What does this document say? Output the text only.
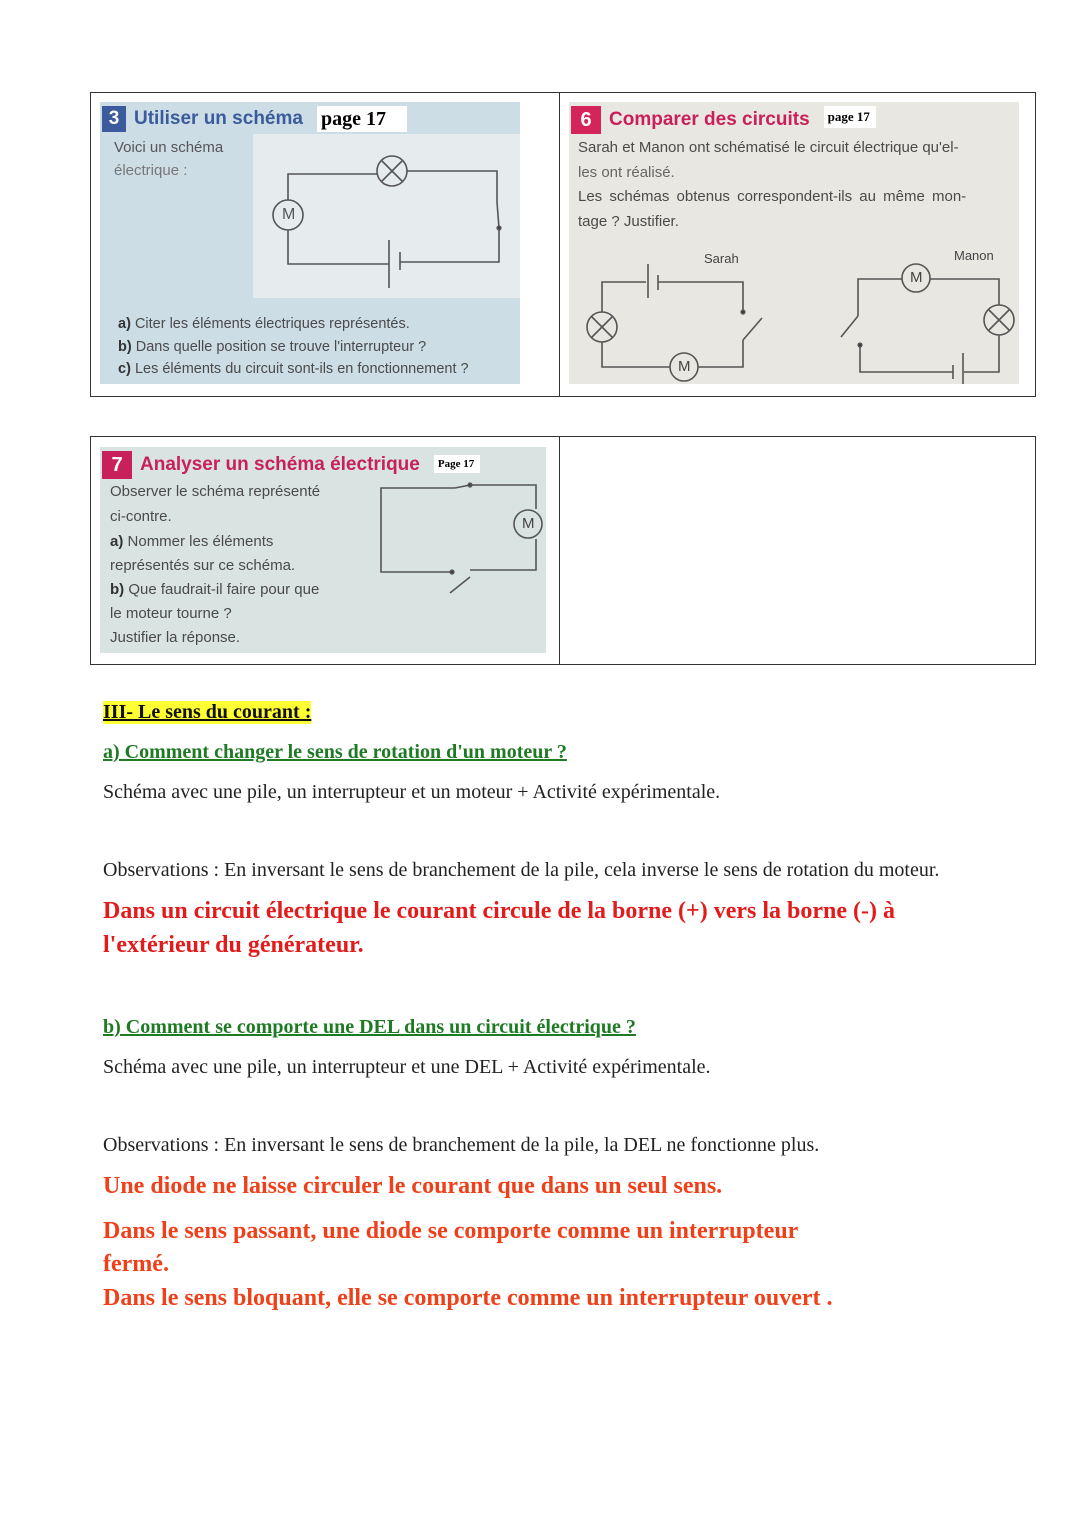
3 Utiliser un schéma page 17
Voici un schéma
électrique :
M
a) Citer les éléments électriques représentés.
b) Dans quelle position se trouve l'interrupteur ?
c) Les éléments du circuit sont-ils en fonctionnement ?
6 Comparer des circuits	page 17
Sarah et Manon ont schématisé le circuit électrique qu'el-
les ont réalisé.
Les schémas obtenus correspondent-ils au même mon-
tage ? Justifier.
Sarah	Manon
M
M
7 Analyser un schéma électrique	Page 17
Observer le schéma représenté
ci-contre.
a) Nommer les éléments
représentés sur ce schéma.
b) Que faudrait-il faire pour que
le moteur tourne ?
Justifier la réponse.
M
III- Le sens du courant :
a) Comment changer le sens de rotation d'un moteur ?
Schéma avec une pile, un interrupteur et un moteur + Activité expérimentale.
Observations : En inversant le sens de branchement de la pile, cela inverse le sens de rotation du moteur.
Dans un circuit électrique le courant circule de la borne (+) vers la borne (-) à
l'extérieur du générateur.
b) Comment se comporte une DEL dans un circuit électrique ?
Schéma avec une pile, un interrupteur et une DEL + Activité expérimentale.
Observations : En inversant le sens de branchement de la pile, la DEL ne fonctionne plus.
Une diode ne laisse circuler le courant que dans un seul sens.
Dans le sens passant, une diode se comporte comme un interrupteur
fermé.
Dans le sens bloquant, elle se comporte comme un interrupteur ouvert .
